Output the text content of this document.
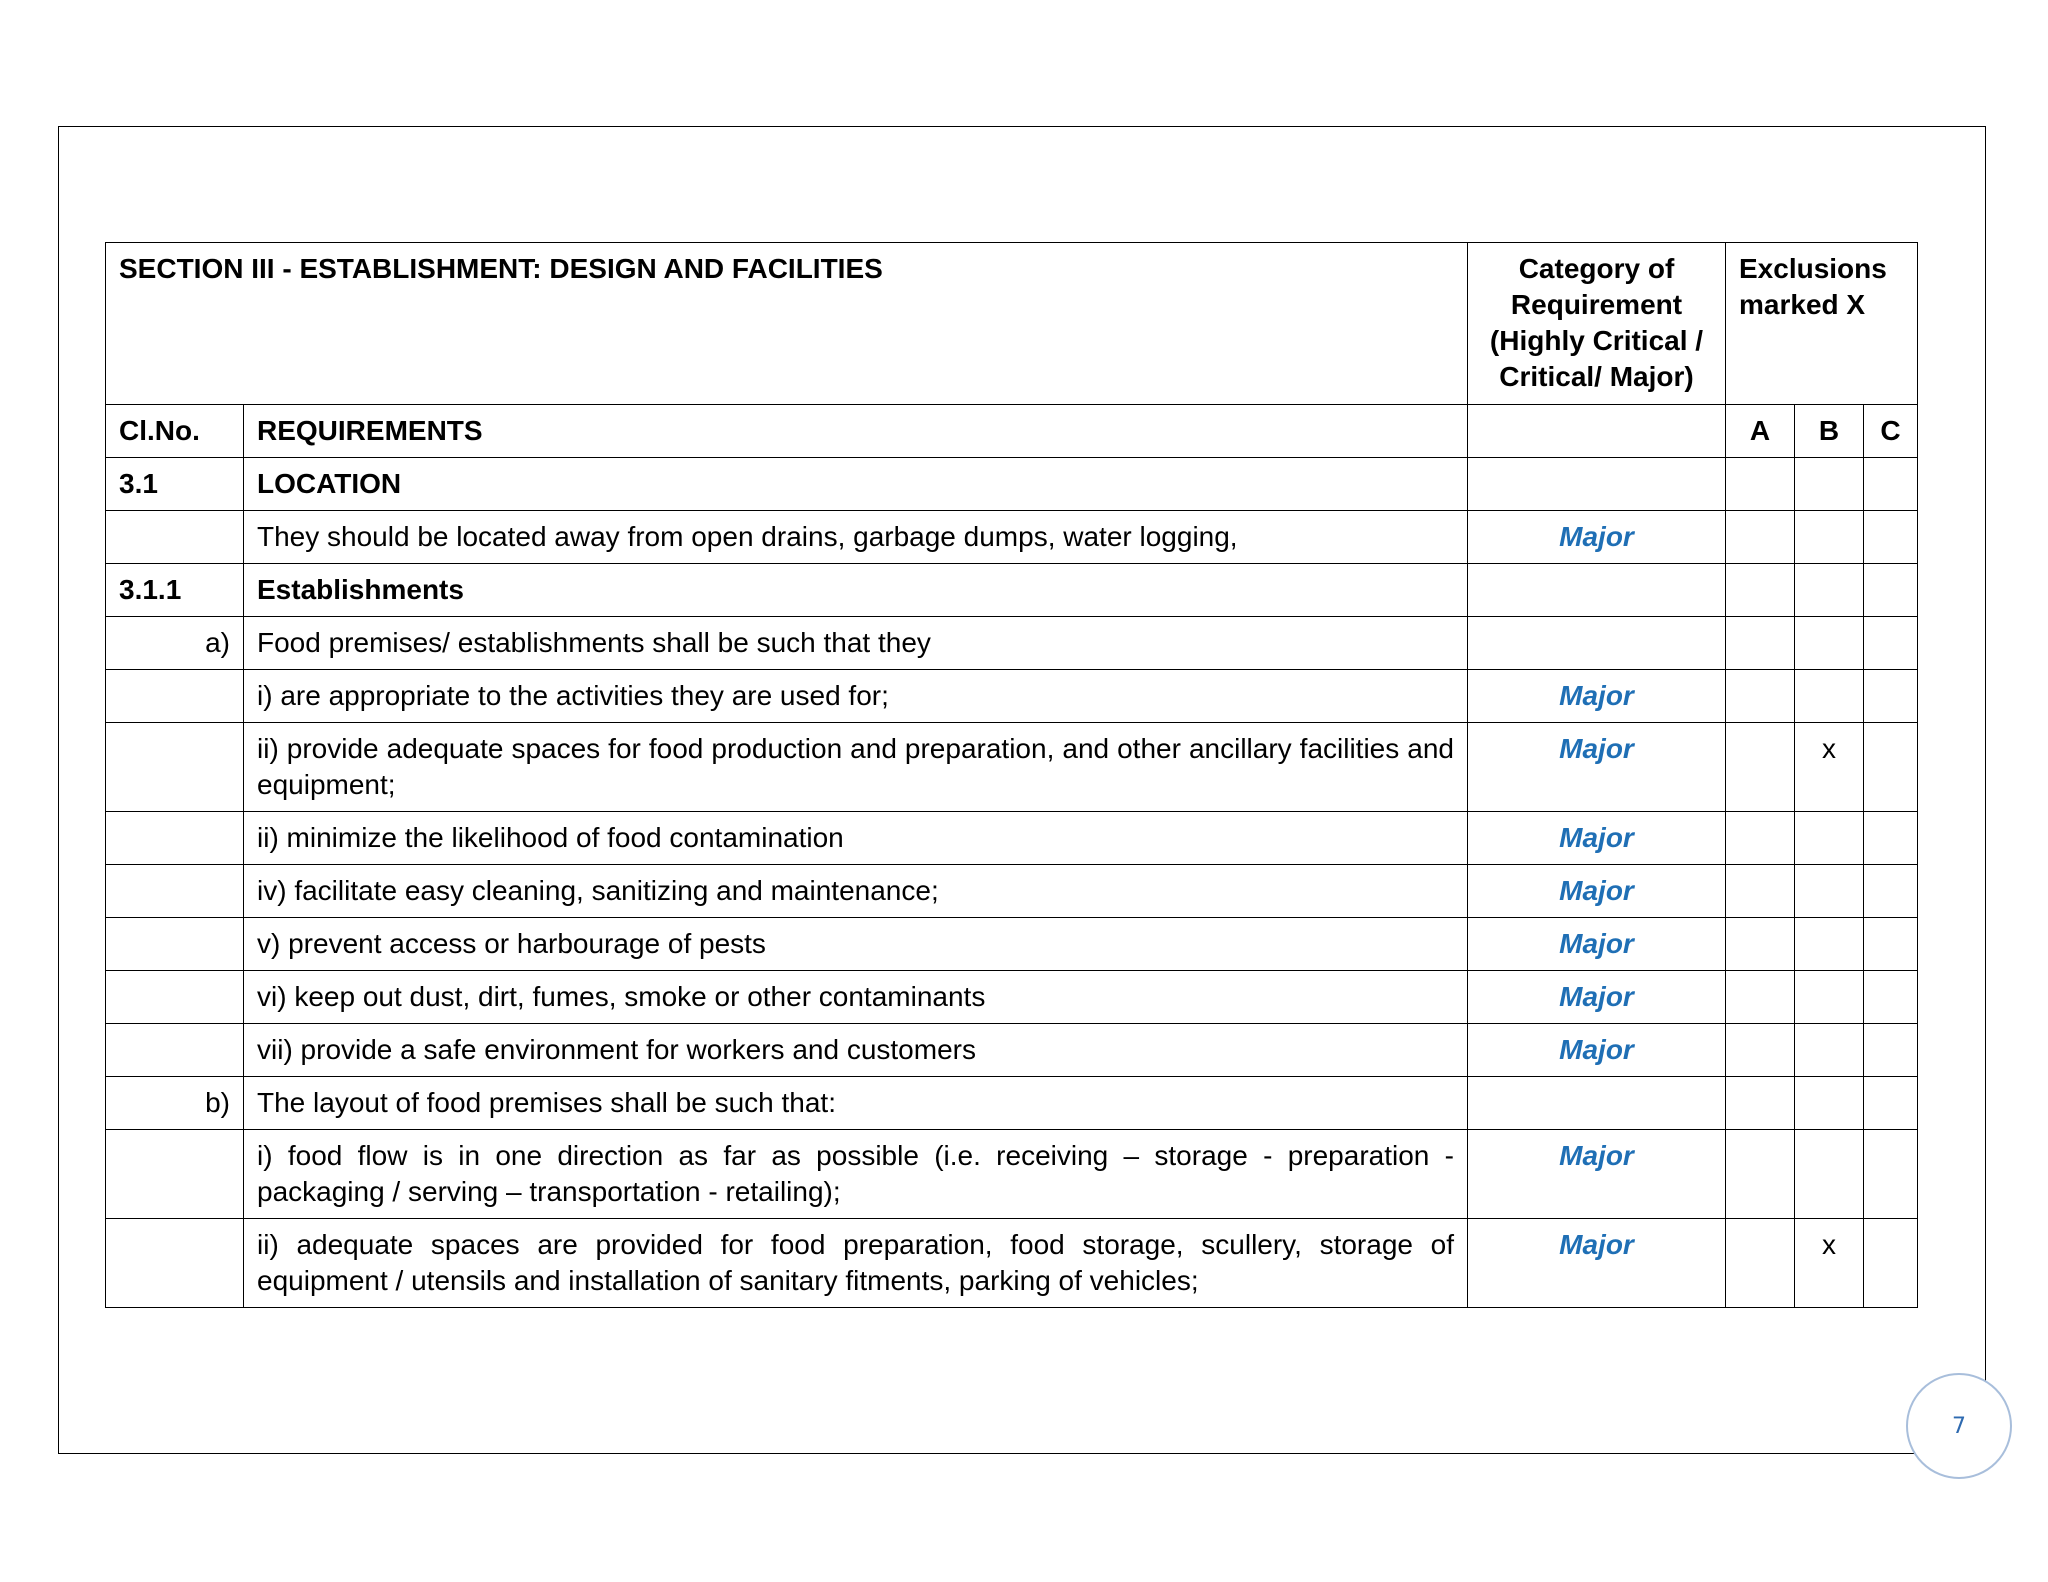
SECTION III - ESTABLISHMENT: DESIGN AND FACILITIES		Category of Requirement (Highly Critical / Critical/ Major)	Exclusions marked X		
Cl.No.	REQUIREMENTS		A	B	C
3.1	LOCATION				
	They should be located away from open drains, garbage dumps, water logging,	Major			
3.1.1	Establishments				
a)	Food premises/ establishments shall be such that they				
	i) are appropriate to the activities they are used for;	Major			
	ii) provide adequate spaces for food production and preparation, and other ancillary facilities and equipment;	Major		x	
	ii) minimize the likelihood of food contamination	Major			
	iv) facilitate easy cleaning, sanitizing and maintenance;	Major			
	v) prevent access or harbourage of pests	Major			
	vi) keep out dust, dirt, fumes, smoke or other contaminants	Major			
	vii) provide a safe environment for workers and customers	Major			
b)	The layout of food premises shall be such that:				
	i) food flow is in one direction as far as possible (i.e. receiving – storage - preparation - packaging / serving – transportation - retailing);	Major			
	ii) adequate spaces are provided for food preparation, food storage, scullery, storage of equipment / utensils and installation of sanitary fitments, parking of vehicles;	Major		x	
7
